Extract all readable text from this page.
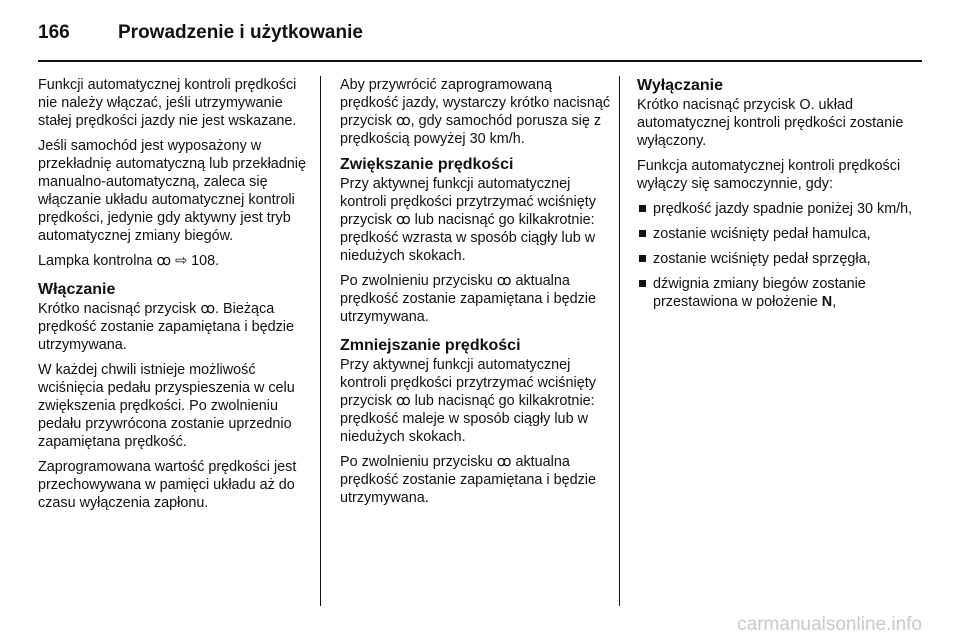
166	Prowadzenie i użytkowanie

Funkcji automatycznej kontroli prędkości nie należy włączać, jeśli utrzymywanie stałej prędkości jazdy nie jest wskazane.

Jeśli samochód jest wyposażony w przekładnię automatyczną lub przekładnię manualno-automatyczną, zaleca się włączanie układu automatycznej kontroli prędkości, jedynie gdy aktywny jest tryb automatycznej zmiany biegów.

Lampka kontrolna ꝏ ⇨ 108.

Włączanie

Krótko nacisnąć przycisk ꝏ. Bieżąca prędkość zostanie zapamiętana i będzie utrzymywana.

W każdej chwili istnieje możliwość wciśnięcia pedału przyspieszenia w celu zwiększenia prędkości. Po zwolnieniu pedału przywrócona zostanie uprzednio zapamiętana prędkość.

Zaprogramowana wartość prędkości jest przechowywana w pamięci układu aż do czasu wyłączenia zapłonu.

Aby przywrócić zaprogramowaną prędkość jazdy, wystarczy krótko nacisnąć przycisk ꝏ, gdy samochód porusza się z prędkością powyżej 30 km/h.

Zwiększanie prędkości

Przy aktywnej funkcji automatycznej kontroli prędkości przytrzymać wciśnięty przycisk ꝏ lub nacisnąć go kilkakrotnie: prędkość wzrasta w sposób ciągły lub w niedużych skokach.

Po zwolnieniu przycisku ꝏ aktualna prędkość zostanie zapamiętana i będzie utrzymywana.

Zmniejszanie prędkości

Przy aktywnej funkcji automatycznej kontroli prędkości przytrzymać wciśnięty przycisk ꝏ lub nacisnąć go kilkakrotnie: prędkość maleje w sposób ciągły lub w niedużych skokach.

Po zwolnieniu przycisku ꝏ aktualna prędkość zostanie zapamiętana i będzie utrzymywana.

Wyłączanie

Krótko nacisnąć przycisk O. układ automatycznej kontroli prędkości zostanie wyłączony.

Funkcja automatycznej kontroli prędkości wyłączy się samoczynnie, gdy:

prędkość jazdy spadnie poniżej 30 km/h,
zostanie wciśnięty pedał hamulca,
zostanie wciśnięty pedał sprzęgła,
dźwignia zmiany biegów zostanie przestawiona w położenie N,
carmanualsonline.info
